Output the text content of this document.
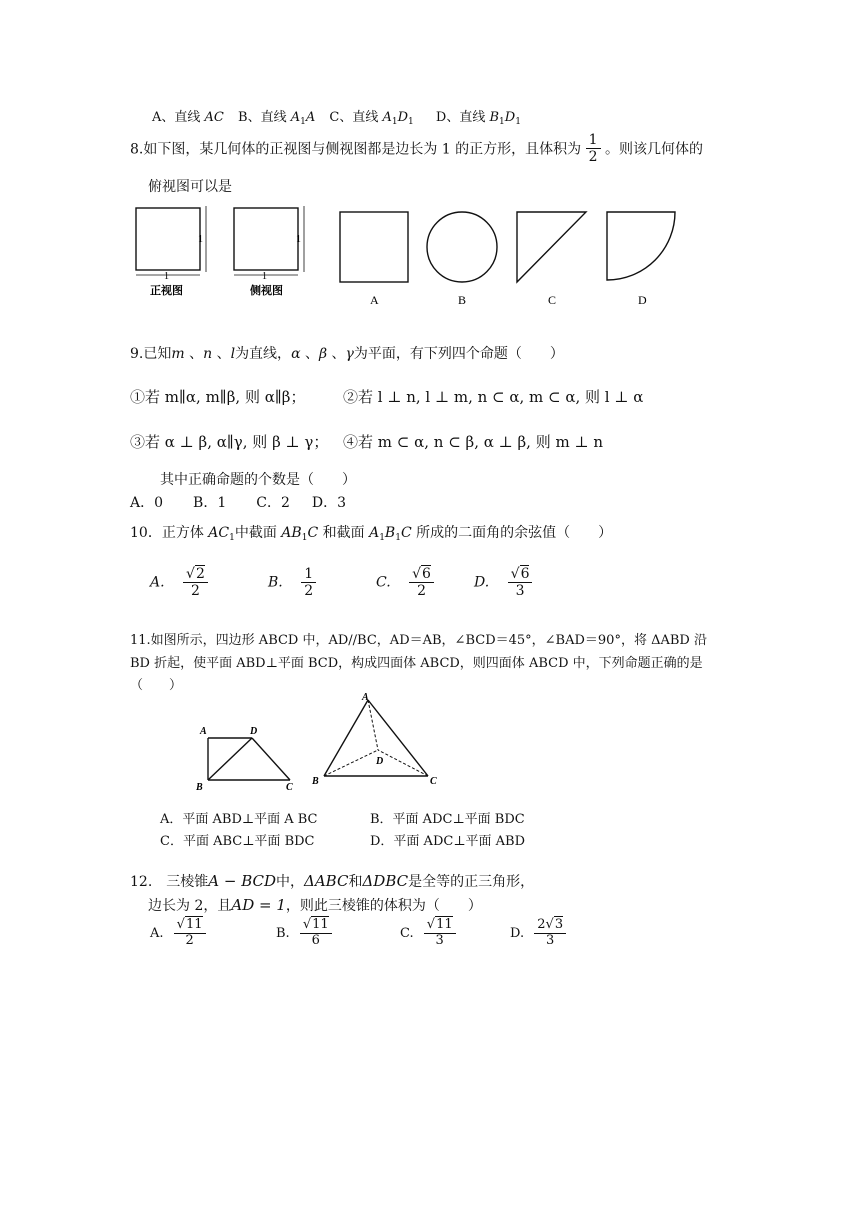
A、直线 AC B、直线 $A_1A$ C、直线 $A_1D_1$ D、直线 $B_1D_1$
8.如下图，某几何体的正视图与侧视图都是边长为 1 的正方形，且体积为 $\frac{1}{2}$ 。则该几何体的
俯视图可以是
1
1
正视图
1
1
侧视图
A	B	C	D
9.已知m 、n 、l为直线，α 、β 、γ为平面，有下列四个命题（　　）
①若 m∥α, m∥β, 则 α∥β；	②若 l ⊥ n, l ⊥ m, n ⊂ α, m ⊂ α, 则 l ⊥ α
③若 α ⊥ β, α∥γ, 则 β ⊥ γ； ④若 m ⊂ α, n ⊂ β, α ⊥ β, 则 m ⊥ n
其中正确命题的个数是（　　）
A．0 B．1 C．2 D．3
10．正方体 $AC_1$中截面 $AB_1C$ 和截面 $A_1B_1C$ 所成的二面角的余弦值（　　）
A. $\frac{√2}{2}$	B. $\frac{1}{2}$	C. $\frac{√6}{2}$	D. $\frac{√6}{3}$
11.如图所示，四边形 ABCD 中，AD//BC，AD＝AB，∠BCD＝45°，∠BAD＝90°，将 ΔABD 沿
BD 折起，使平面 ABD⊥平面 BCD，构成四面体 ABCD，则四面体 ABCD 中，下列命题正确的是
（　　）
A	D
B	C
A
D
B	C
A．平面 ABD⊥平面 A BC	B．平面 ADC⊥平面 BDC
C．平面 ABC⊥平面 BDC	D．平面 ADC⊥平面 ABD
12.　三棱锥A − BCD中，ΔABC和ΔDBC是全等的正三角形，
边长为 2，且AD = 1，则此三棱锥的体积为（　　）
A. $\frac{√11}{2}$	B. $\frac{√11}{6}$	C. $\frac{√11}{3}$	D. $\frac{2√3}{3}$
